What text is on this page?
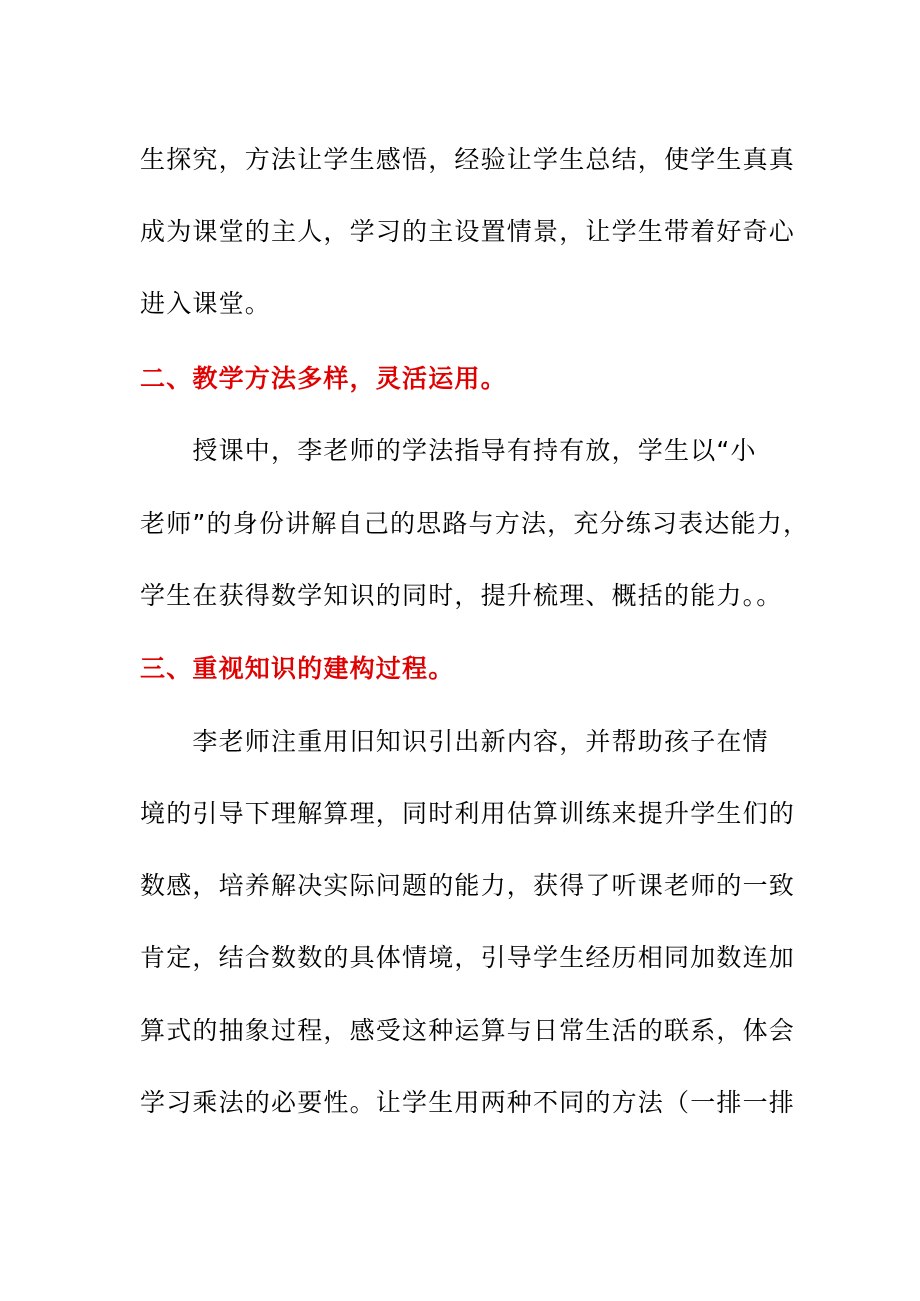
生探究，方法让学生感悟，经验让学生总结，使学生真真
成为课堂的主人，学习的主设置情景，让学生带着好奇心
进入课堂。
二、教学方法多样，灵活运用。
　　授课中，李老师的学法指导有持有放，学生以“小
老师”的身份讲解自己的思路与方法，充分练习表达能力，
学生在获得数学知识的同时，提升梳理、概括的能力。。
三、重视知识的建构过程。
　　李老师注重用旧知识引出新内容，并帮助孩子在情
境的引导下理解算理，同时利用估算训练来提升学生们的
数感，培养解决实际问题的能力，获得了听课老师的一致
肯定，结合数数的具体情境，引导学生经历相同加数连加
算式的抽象过程，感受这种运算与日常生活的联系，体会
学习乘法的必要性。让学生用两种不同的方法（一排一排
